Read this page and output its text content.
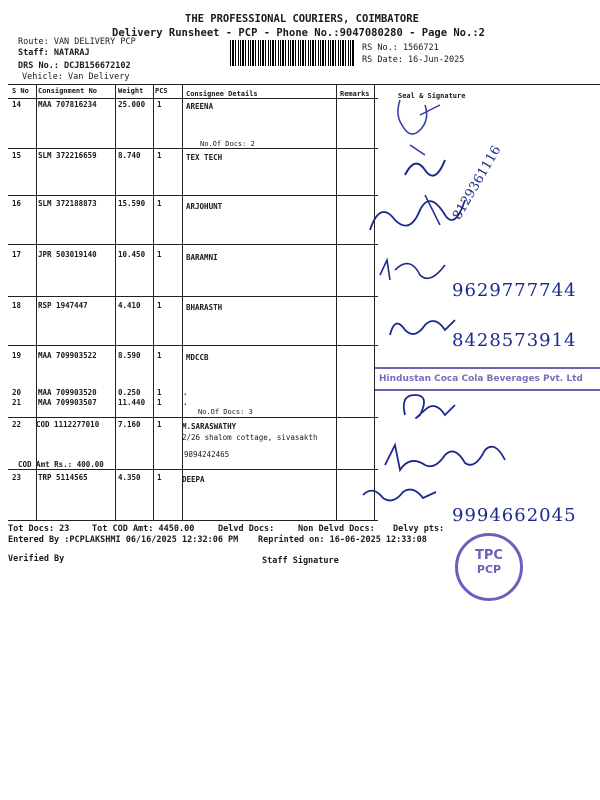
THE PROFESSIONAL COURIERS, COIMBATORE
Delivery Runsheet - PCP - Phone No.:9047080280 - Page No.:2
Route: VAN DELIVERY PCP
Staff: NATARAJ
DRS No.: DCJB156672102
Vehicle: Van Delivery
RS No.: 1566721
RS Date: 16-Jun-2025
S No Consignment No	Weight PCS	Consignee Details	Remarks	Seal & Signature
14 MAA 707816234	25.000 1	AREENA
No.Of Docs: 2
15 SLM 372216659	8.740 1	TEX TECH
16 SLM 372188873	15.590 1	ARJOHUNT
17 JPR 503019140	10.450 1	BARAMNI
18 RSP 1947447	4.410 1	BHARASTH
19 MAA 709903522	8.590 1	MDCCB
20 MAA 709903520	0.250 1	.
21 MAA 709903507	11.440 1	.
No.Of Docs: 3
22 COD 1112277010	7.160 1	M.SARASWATHY
2/26 shalom cottage, sivasakth
9894242465
COD Amt Rs.: 400.00
23 TRP 5114565	4.350 1	DEEPA
8129361116
9629777744
8428573914
Hindustan Coca Cola Beverages Pvt. Ltd
9994662045
Tot Docs: 23	Tot COD Amt: 4450.00	Delvd Docs:	Non Delvd Docs: Delvy pts:
Entered By :PCPLAKSHMI 06/16/2025 12:32:06 PM Reprinted on: 16-06-2025 12:33:08
Verified By	Staff Signature	TPC
PCP
